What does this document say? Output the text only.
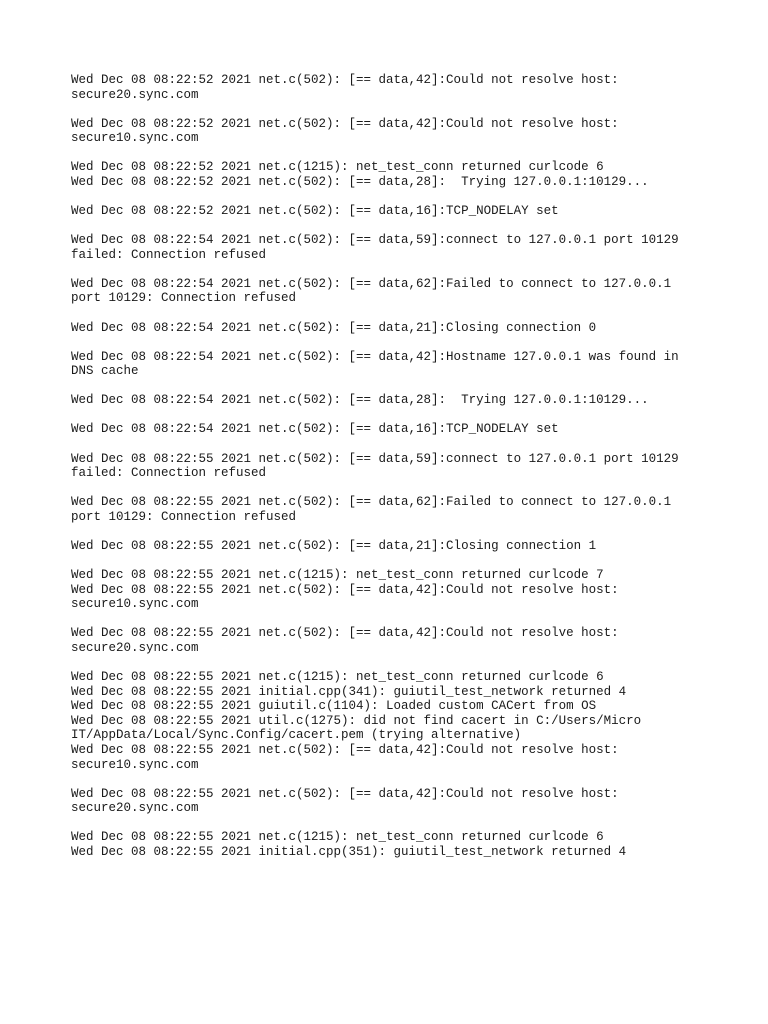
Wed Dec 08 08:22:52 2021 net.c(502): [== data,42]:Could not resolve host:
secure20.sync.com
Wed Dec 08 08:22:52 2021 net.c(502): [== data,42]:Could not resolve host:
secure10.sync.com
Wed Dec 08 08:22:52 2021 net.c(1215): net_test_conn returned curlcode 6
Wed Dec 08 08:22:52 2021 net.c(502): [== data,28]:  Trying 127.0.0.1:10129...
Wed Dec 08 08:22:52 2021 net.c(502): [== data,16]:TCP_NODELAY set
Wed Dec 08 08:22:54 2021 net.c(502): [== data,59]:connect to 127.0.0.1 port 10129
failed: Connection refused
Wed Dec 08 08:22:54 2021 net.c(502): [== data,62]:Failed to connect to 127.0.0.1
port 10129: Connection refused
Wed Dec 08 08:22:54 2021 net.c(502): [== data,21]:Closing connection 0
Wed Dec 08 08:22:54 2021 net.c(502): [== data,42]:Hostname 127.0.0.1 was found in
DNS cache
Wed Dec 08 08:22:54 2021 net.c(502): [== data,28]:  Trying 127.0.0.1:10129...
Wed Dec 08 08:22:54 2021 net.c(502): [== data,16]:TCP_NODELAY set
Wed Dec 08 08:22:55 2021 net.c(502): [== data,59]:connect to 127.0.0.1 port 10129
failed: Connection refused
Wed Dec 08 08:22:55 2021 net.c(502): [== data,62]:Failed to connect to 127.0.0.1
port 10129: Connection refused
Wed Dec 08 08:22:55 2021 net.c(502): [== data,21]:Closing connection 1
Wed Dec 08 08:22:55 2021 net.c(1215): net_test_conn returned curlcode 7
Wed Dec 08 08:22:55 2021 net.c(502): [== data,42]:Could not resolve host:
secure10.sync.com
Wed Dec 08 08:22:55 2021 net.c(502): [== data,42]:Could not resolve host:
secure20.sync.com
Wed Dec 08 08:22:55 2021 net.c(1215): net_test_conn returned curlcode 6
Wed Dec 08 08:22:55 2021 initial.cpp(341): guiutil_test_network returned 4
Wed Dec 08 08:22:55 2021 guiutil.c(1104): Loaded custom CACert from OS
Wed Dec 08 08:22:55 2021 util.c(1275): did not find cacert in C:/Users/Micro
IT/AppData/Local/Sync.Config/cacert.pem (trying alternative)
Wed Dec 08 08:22:55 2021 net.c(502): [== data,42]:Could not resolve host:
secure10.sync.com
Wed Dec 08 08:22:55 2021 net.c(502): [== data,42]:Could not resolve host:
secure20.sync.com
Wed Dec 08 08:22:55 2021 net.c(1215): net_test_conn returned curlcode 6
Wed Dec 08 08:22:55 2021 initial.cpp(351): guiutil_test_network returned 4
